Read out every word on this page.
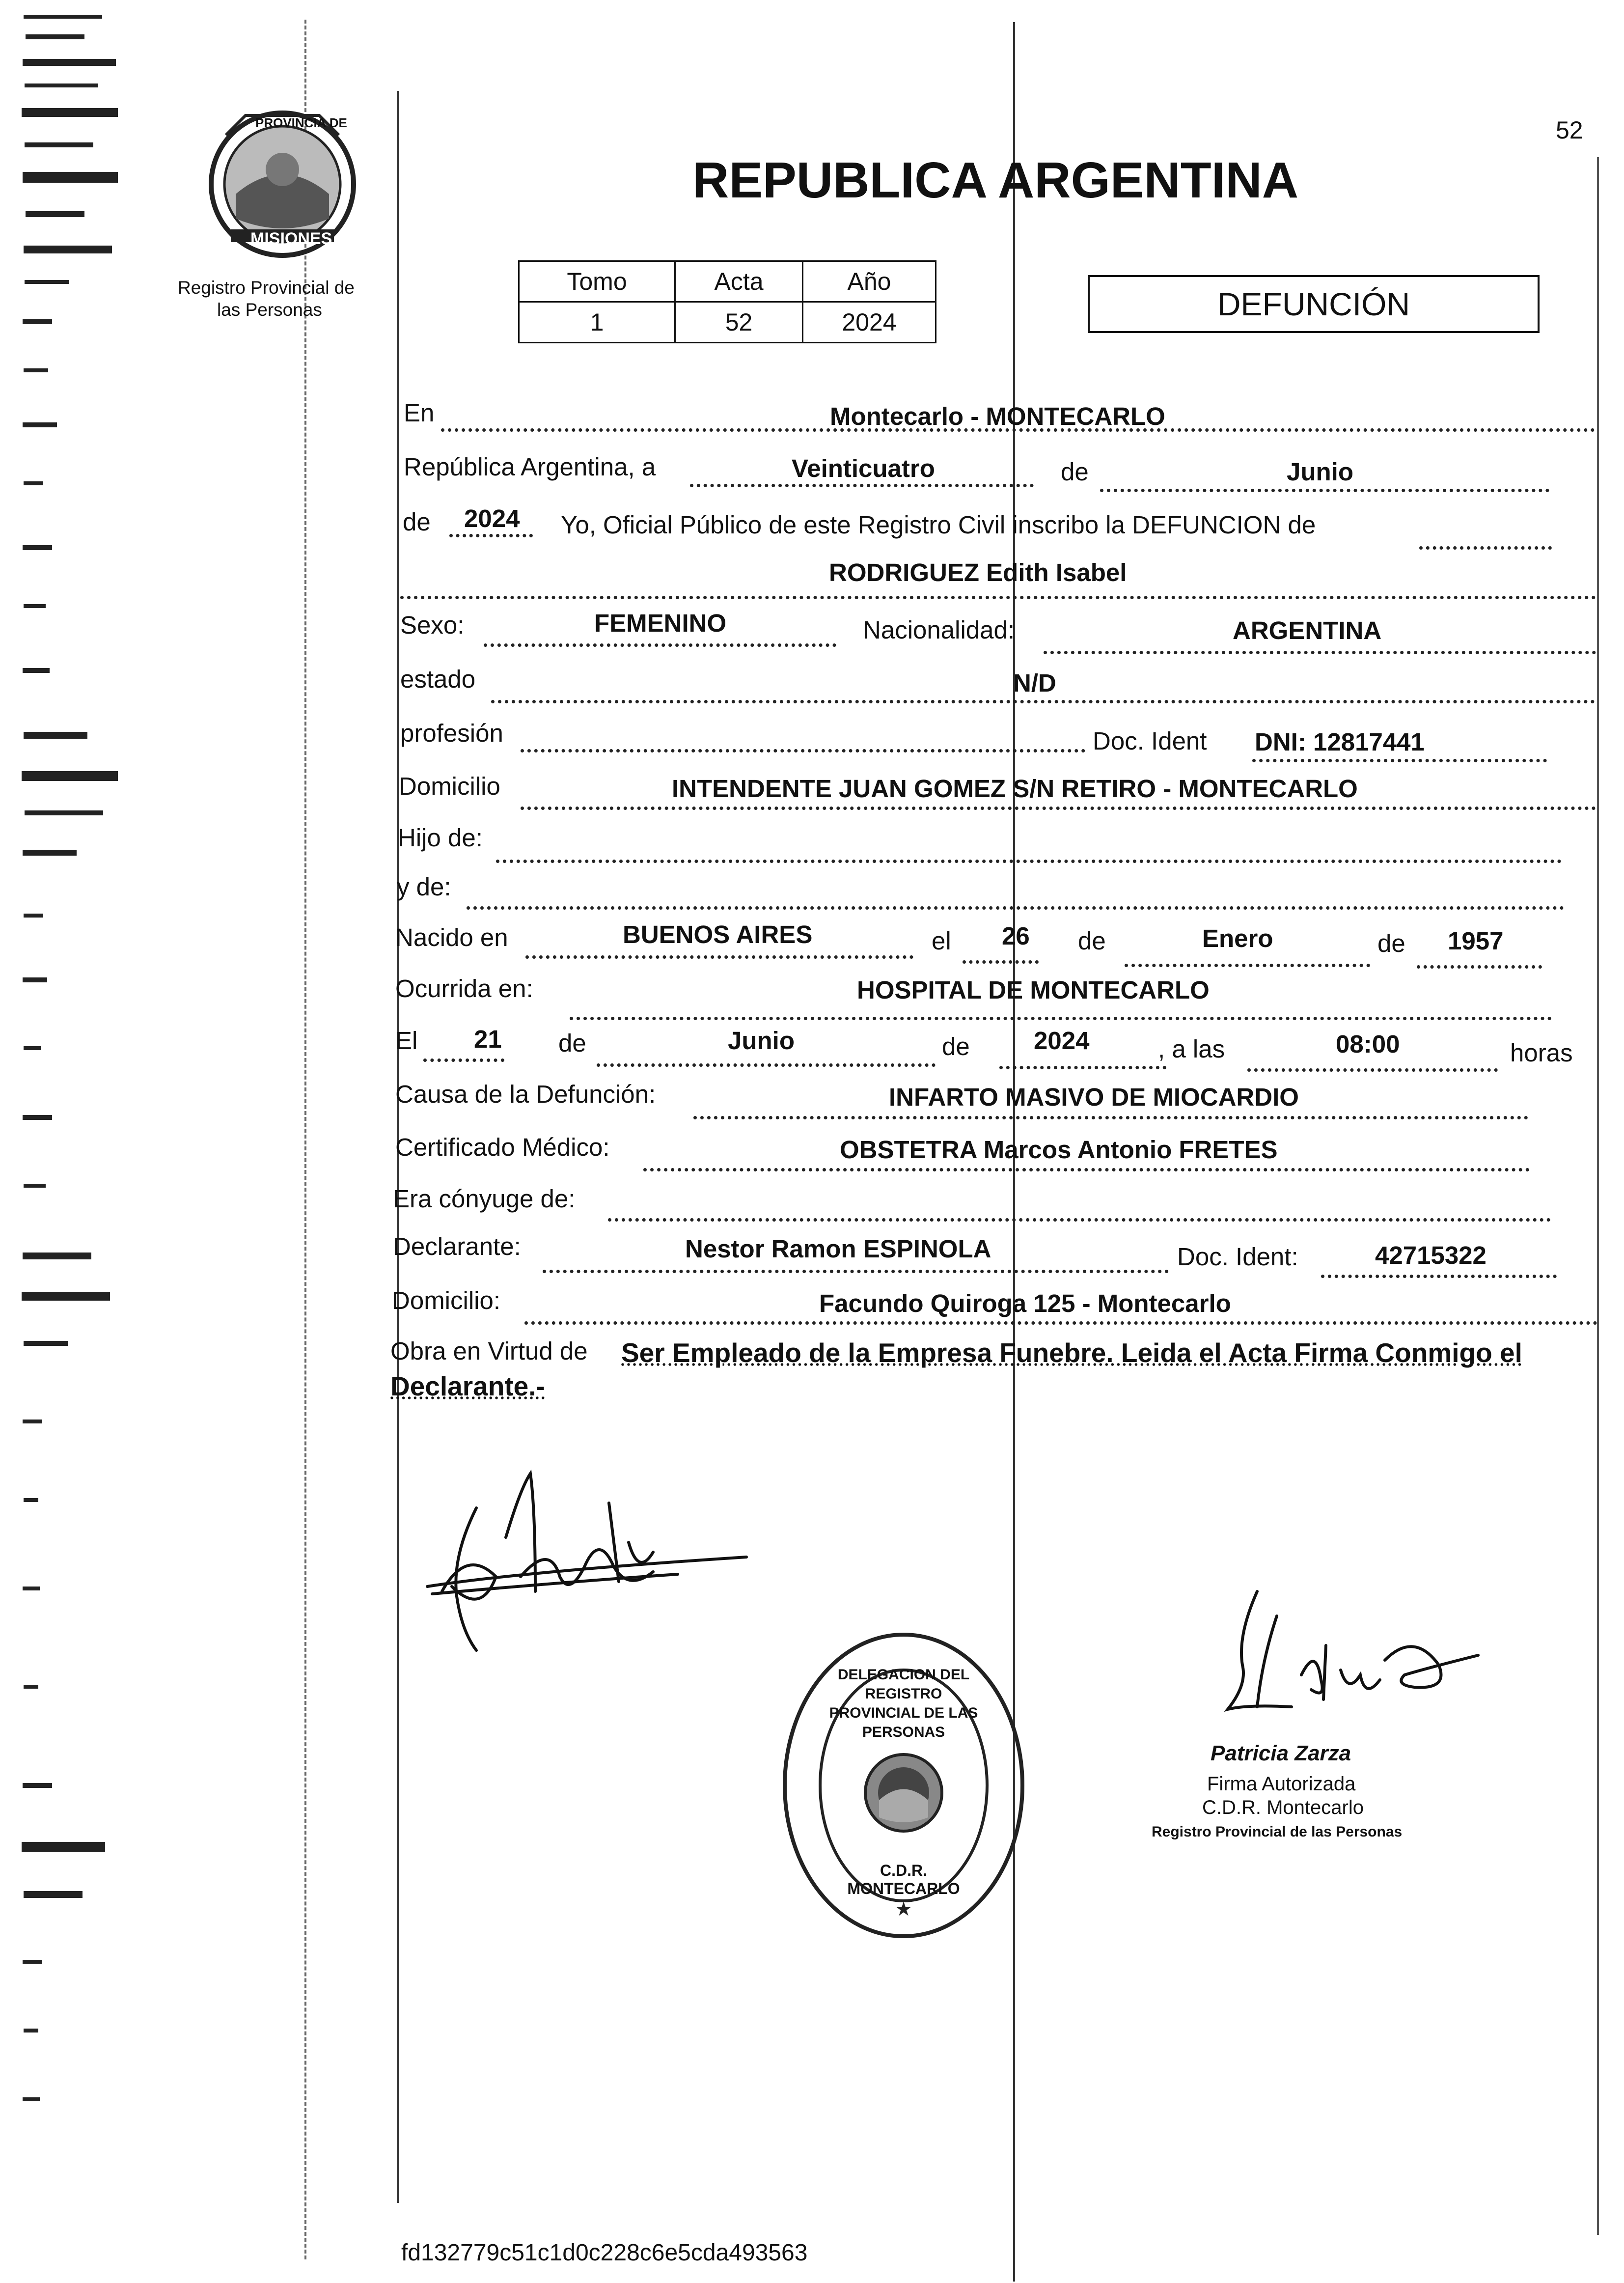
52
PROVINCIA DE
MISIONES
Registro Provincial de
las Personas
REPUBLICA ARGENTINA
Tomo	Acta	Año
1	52	2024	DEFUNCIÓN
En	Montecarlo - MONTECARLO
República Argentina, a	Veinticuatro	de	Junio
de 2024 Yo, Oficial Público de este Registro Civil inscribo la DEFUNCION de
RODRIGUEZ Edith Isabel
Sexo:	FEMENINO	Nacionalidad:	ARGENTINA
estado	N/D
profesión	Doc. Ident DNI: 12817441
Domicilio	INTENDENTE JUAN GOMEZ S/N RETIRO - MONTECARLO
Hijo de:
y de:
Nacido en	BUENOS AIRES	el 26 de	Enero	de 1957
Ocurrida en:	HOSPITAL DE MONTECARLO
El 21 de	Junio	de	2024	, a las	08:00	horas
Causa de la Defunción:	INFARTO MASIVO DE MIOCARDIO
Certificado Médico:	OBSTETRA Marcos Antonio FRETES
Era cónyuge de:
Declarante:	Nestor Ramon ESPINOLA	Doc. Ident:	42715322
Domicilio:	Facundo Quiroga 125 - Montecarlo
Obra en Virtud de Ser Empleado de la Empresa Funebre. Leida el Acta Firma Conmigo el
Declarante.-
★
DELEGACION DEL REGISTRO PROVINCIAL DE LAS PERSONAS
C.D.R. MONTECARLO
Patricia Zarza
Firma Autorizada
C.D.R. Montecarlo
Registro Provincial de las Personas
fd132779c51c1d0c228c6e5cda493563
